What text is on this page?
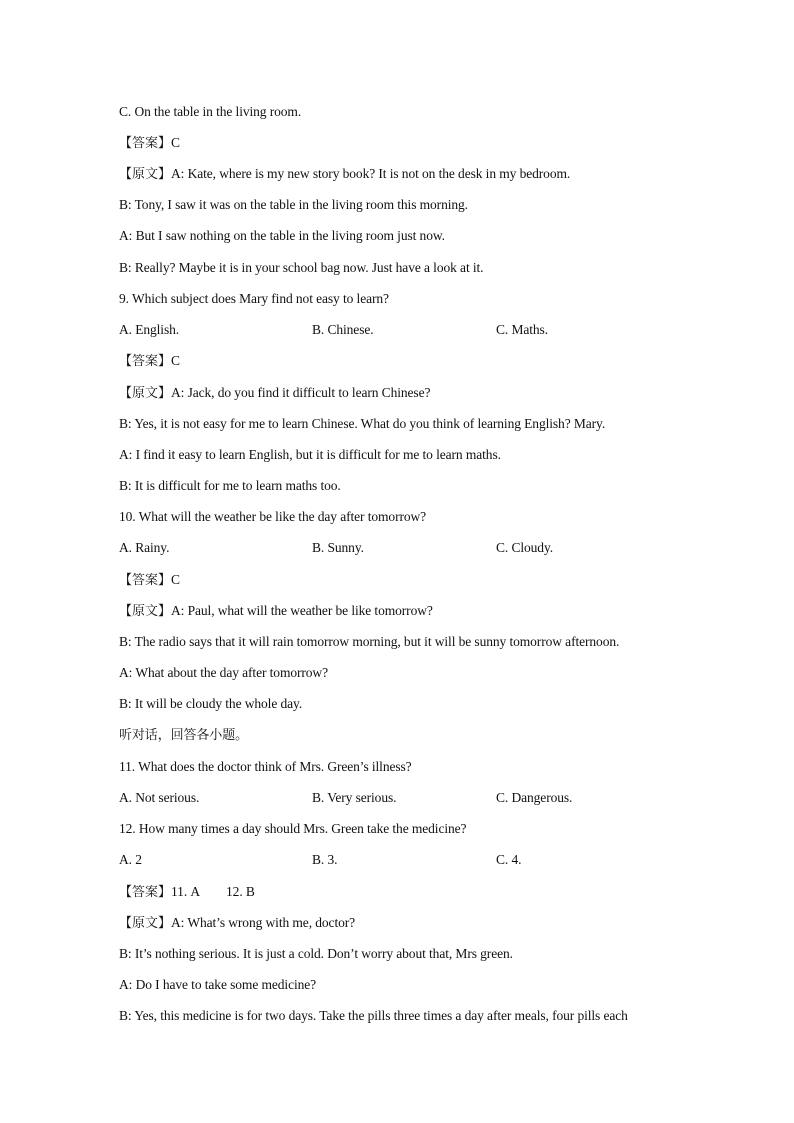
C. On the table in the living room.
【答案】C
【原文】A: Kate, where is my new story book? It is not on the desk in my bedroom.
B: Tony, I saw it was on the table in the living room this morning.
A: But I saw nothing on the table in the living room just now.
B: Really? Maybe it is in your school bag now. Just have a look at it.
9. Which subject does Mary find not easy to learn?
A. English.	B. Chinese.	C. Maths.
【答案】C
【原文】A: Jack, do you find it difficult to learn Chinese?
B: Yes, it is not easy for me to learn Chinese. What do you think of learning English? Mary.
A: I find it easy to learn English, but it is difficult for me to learn maths.
B: It is difficult for me to learn maths too.
10. What will the weather be like the day after tomorrow?
A. Rainy.	B. Sunny.	C. Cloudy.
【答案】C
【原文】A: Paul, what will the weather be like tomorrow?
B: The radio says that it will rain tomorrow morning, but it will be sunny tomorrow afternoon.
A: What about the day after tomorrow?
B: It will be cloudy the whole day.
听对话，回答各小题。
11. What does the doctor think of Mrs. Green’s illness?
A. Not serious.	B. Very serious.	C. Dangerous.
12. How many times a day should Mrs. Green take the medicine?
A. 2	B. 3.	C. 4.
【答案】11. A 12. B
【原文】A: What’s wrong with me, doctor?
B: It’s nothing serious. It is just a cold. Don’t worry about that, Mrs green.
A: Do I have to take some medicine?
B: Yes, this medicine is for two days. Take the pills three times a day after meals, four pills each
